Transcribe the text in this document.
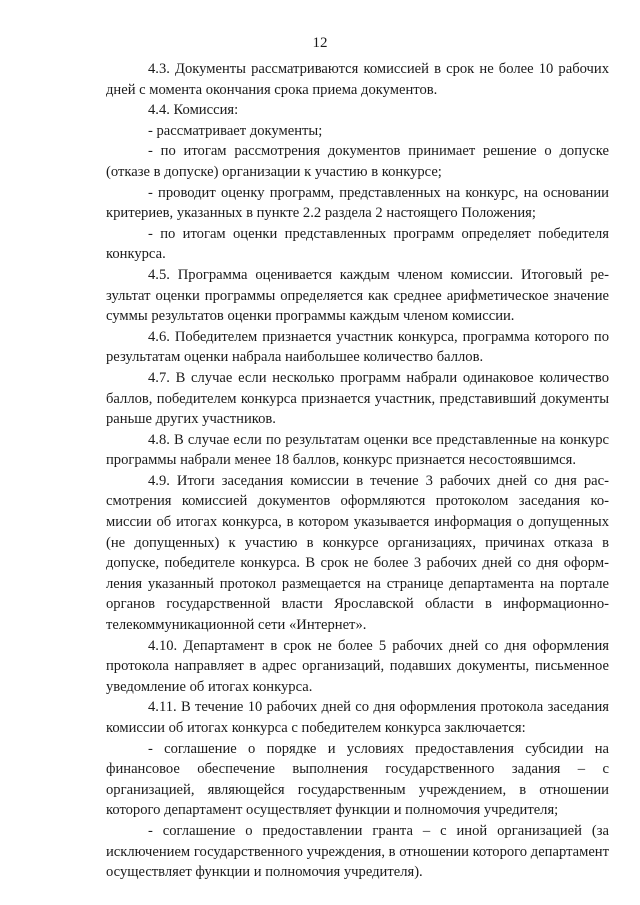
12

4.3. Документы рассматриваются комиссией в срок не более 10 рабочих дней с момента окончания срока приема документов.

4.4. Комиссия:

- рассматривает документы;

- по итогам рассмотрения документов принимает решение о допуске (отказе в допуске) организации к участию в конкурсе;

- проводит оценку программ, представленных на конкурс, на основании критериев, указанных в пункте 2.2 раздела 2 настоящего Положения;

- по итогам оценки представленных программ определяет победителя конкурса.

4.5. Программа оценивается каждым членом комиссии. Итоговый результат оценки программы определяется как среднее арифметическое значение суммы результатов оценки программы каждым членом комиссии.

4.6. Победителем признается участник конкурса, программа которого по результатам оценки набрала наибольшее количество баллов.

4.7. В случае если несколько программ набрали одинаковое количество баллов, победителем конкурса признается участник, представивший документы раньше других участников.

4.8. В случае если по результатам оценки все представленные на конкурс программы набрали менее 18 баллов, конкурс признается несостоявшимся.

4.9. Итоги заседания комиссии в течение 3 рабочих дней со дня рассмотрения комиссией документов оформляются протоколом заседания комиссии об итогах конкурса, в котором указывается информация о допущенных (не допущенных) к участию в конкурсе организациях, причинах отказа в допуске, победителе конкурса. В срок не более 3 рабочих дней со дня оформления указанный протокол размещается на странице департамента на портале органов государственной власти Ярославской области в информационно-телекоммуникационной сети «Интернет».

4.10. Департамент в срок не более 5 рабочих дней со дня оформления протокола направляет в адрес организаций, подавших документы, письменное уведомление об итогах конкурса.

4.11. В течение 10 рабочих дней со дня оформления протокола заседания комиссии об итогах конкурса с победителем конкурса заключается:

- соглашение о порядке и условиях предоставления субсидии на финансовое обеспечение выполнения государственного задания – с организацией, являющейся государственным учреждением, в отношении которого департамент осуществляет функции и полномочия учредителя;

- соглашение о предоставлении гранта – с иной организацией (за исключением государственного учреждения, в отношении которого департамент осуществляет функции и полномочия учредителя).
